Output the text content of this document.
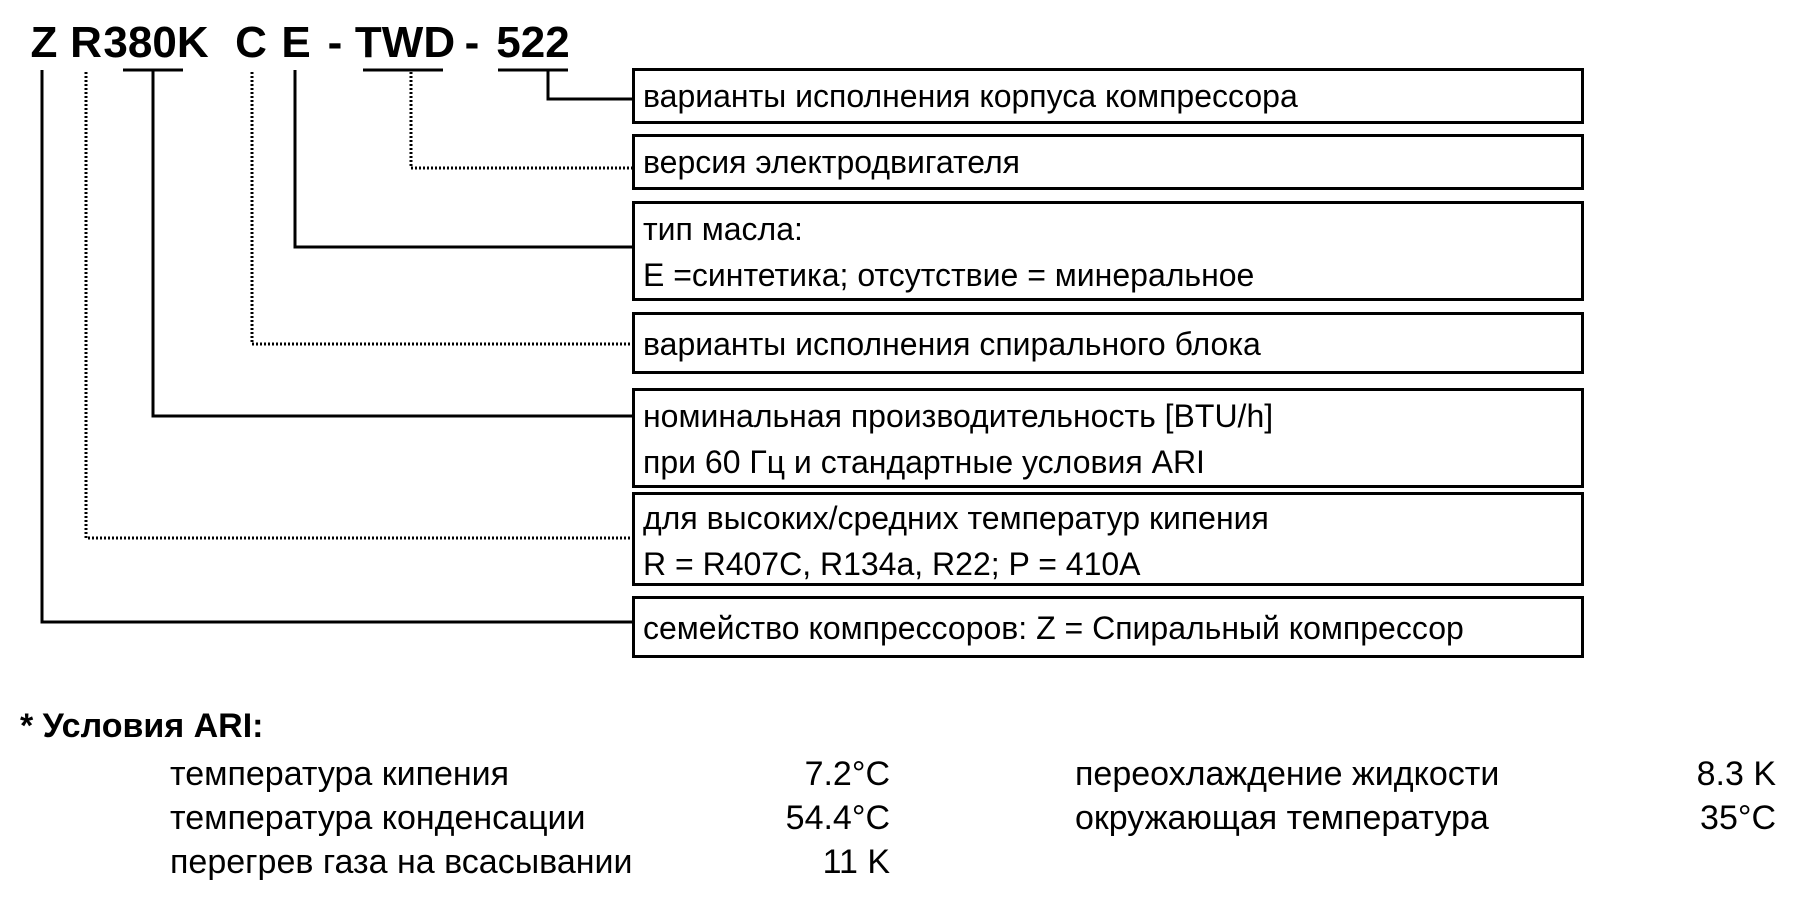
Z R 380K C E - TWD - 522
варианты исполнения корпуса компрессора
версия электродвигателя
тип масла:
E =синтетика; отсутствие = минеральное
варианты исполнения спирального блока
номинальная производительность [BTU/h]
при 60 Гц и стандартные условия ARI
для высоких/средних температур кипения
R = R407C, R134a, R22; P = 410A
семейство компрессоров: Z = Спиральный компрессор
* Условия ARI:
температура кипения	7.2°C
температура конденсации	54.4°C
перегрев газа на всасывании	11 K
переохлаждение жидкости	8.3 K
окружающая температура	35°C
